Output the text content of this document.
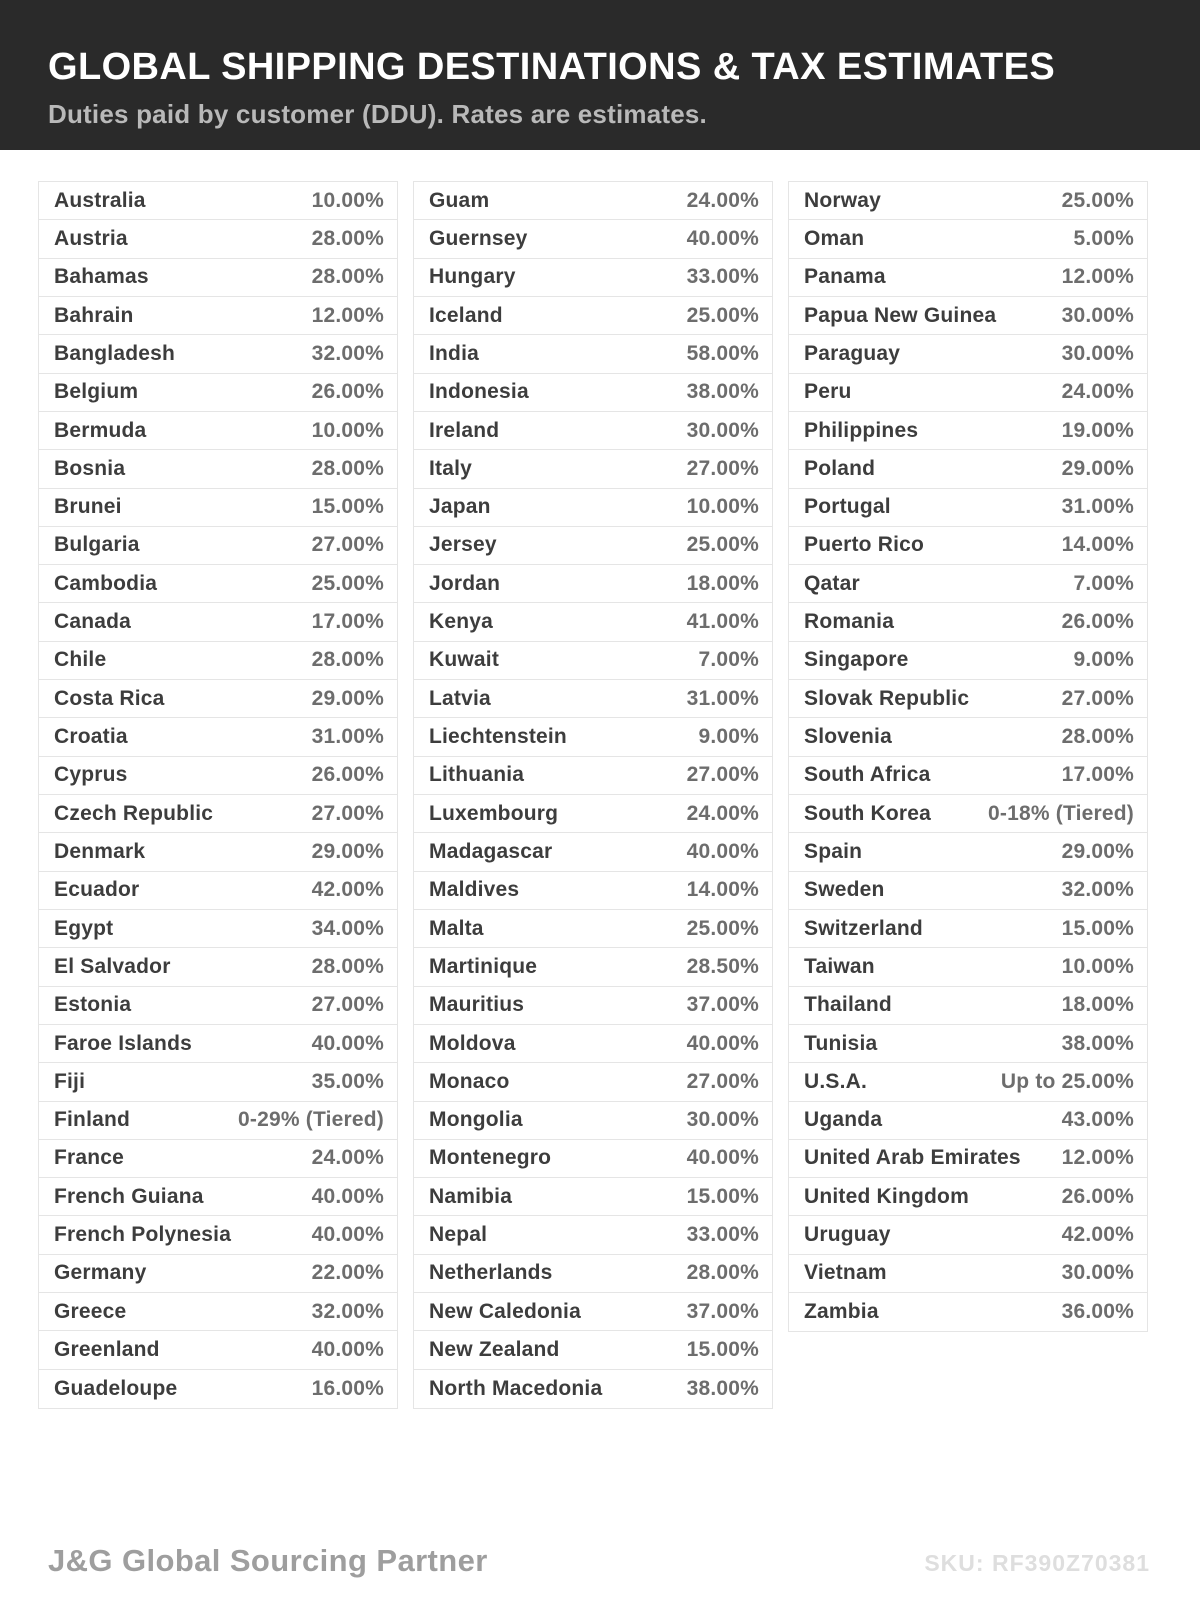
GLOBAL SHIPPING DESTINATIONS & TAX ESTIMATES
Duties paid by customer (DDU). Rates are estimates.
Australia	10.00%
Austria	28.00%
Bahamas	28.00%
Bahrain	12.00%
Bangladesh	32.00%
Belgium	26.00%
Bermuda	10.00%
Bosnia	28.00%
Brunei	15.00%
Bulgaria	27.00%
Cambodia	25.00%
Canada	17.00%
Chile	28.00%
Costa Rica	29.00%
Croatia	31.00%
Cyprus	26.00%
Czech Republic	27.00%
Denmark	29.00%
Ecuador	42.00%
Egypt	34.00%
El Salvador	28.00%
Estonia	27.00%
Faroe Islands	40.00%
Fiji	35.00%
Finland	0-29% (Tiered)
France	24.00%
French Guiana	40.00%
French Polynesia	40.00%
Germany	22.00%
Greece	32.00%
Greenland	40.00%
Guadeloupe	16.00%
Guam	24.00%
Guernsey	40.00%
Hungary	33.00%
Iceland	25.00%
India	58.00%
Indonesia	38.00%
Ireland	30.00%
Italy	27.00%
Japan	10.00%
Jersey	25.00%
Jordan	18.00%
Kenya	41.00%
Kuwait	7.00%
Latvia	31.00%
Liechtenstein	9.00%
Lithuania	27.00%
Luxembourg	24.00%
Madagascar	40.00%
Maldives	14.00%
Malta	25.00%
Martinique	28.50%
Mauritius	37.00%
Moldova	40.00%
Monaco	27.00%
Mongolia	30.00%
Montenegro	40.00%
Namibia	15.00%
Nepal	33.00%
Netherlands	28.00%
New Caledonia	37.00%
New Zealand	15.00%
North Macedonia	38.00%
Norway	25.00%
Oman	5.00%
Panama	12.00%
Papua New Guinea	30.00%
Paraguay	30.00%
Peru	24.00%
Philippines	19.00%
Poland	29.00%
Portugal	31.00%
Puerto Rico	14.00%
Qatar	7.00%
Romania	26.00%
Singapore	9.00%
Slovak Republic	27.00%
Slovenia	28.00%
South Africa	17.00%
South Korea	0-18% (Tiered)
Spain	29.00%
Sweden	32.00%
Switzerland	15.00%
Taiwan	10.00%
Thailand	18.00%
Tunisia	38.00%
U.S.A.	Up to 25.00%
Uganda	43.00%
United Arab Emirates 12.00%
United Kingdom	26.00%
Uruguay	42.00%
Vietnam	30.00%
Zambia	36.00%
J&G Global Sourcing Partner	SKU: RF390Z70381
